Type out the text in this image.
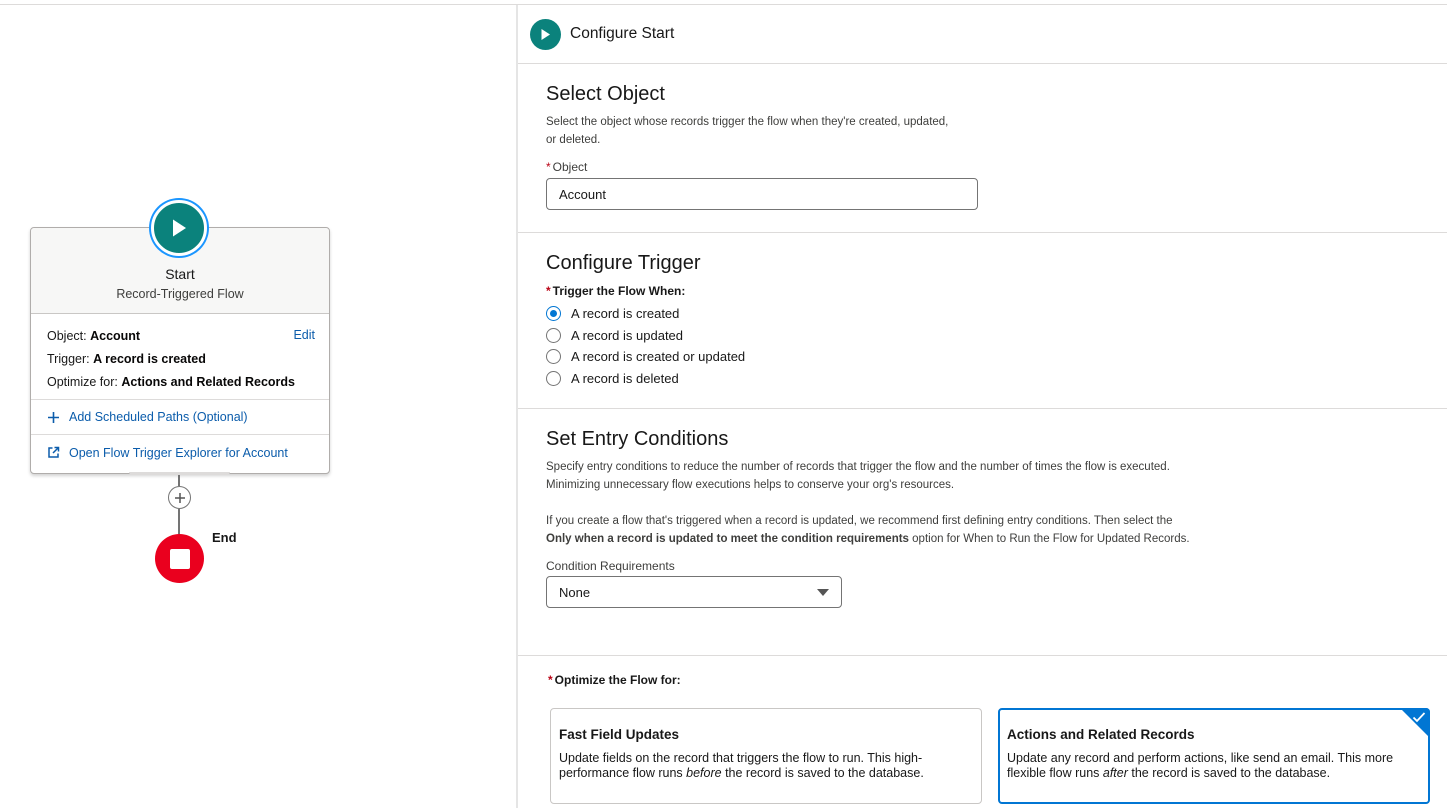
Start
Record-Triggered Flow
Object: Account
Trigger: A record is created
Optimize for: Actions and Related Records
Edit
Add Scheduled Paths (Optional)
Open Flow Trigger Explorer for Account
End
Configure Start
Select Object
Select the object whose records trigger the flow when they're created, updated,
or deleted.
* Object
Account
Configure Trigger
* Trigger the Flow When:
A record is created
A record is updated
A record is created or updated
A record is deleted
Set Entry Conditions
Specify entry conditions to reduce the number of records that trigger the flow and the number of times the flow is executed.
Minimizing unnecessary flow executions helps to conserve your org's resources.
If you create a flow that's triggered when a record is updated, we recommend first defining entry conditions. Then select the
Only when a record is updated to meet the condition requirements option for When to Run the Flow for Updated Records.
Condition Requirements
None
* Optimize the Flow for:
Fast Field Updates
Update fields on the record that triggers the flow to run. This high-performance flow runs before the record is saved to the database.
Actions and Related Records
Update any record and perform actions, like send an email. This more flexible flow runs after the record is saved to the database.
